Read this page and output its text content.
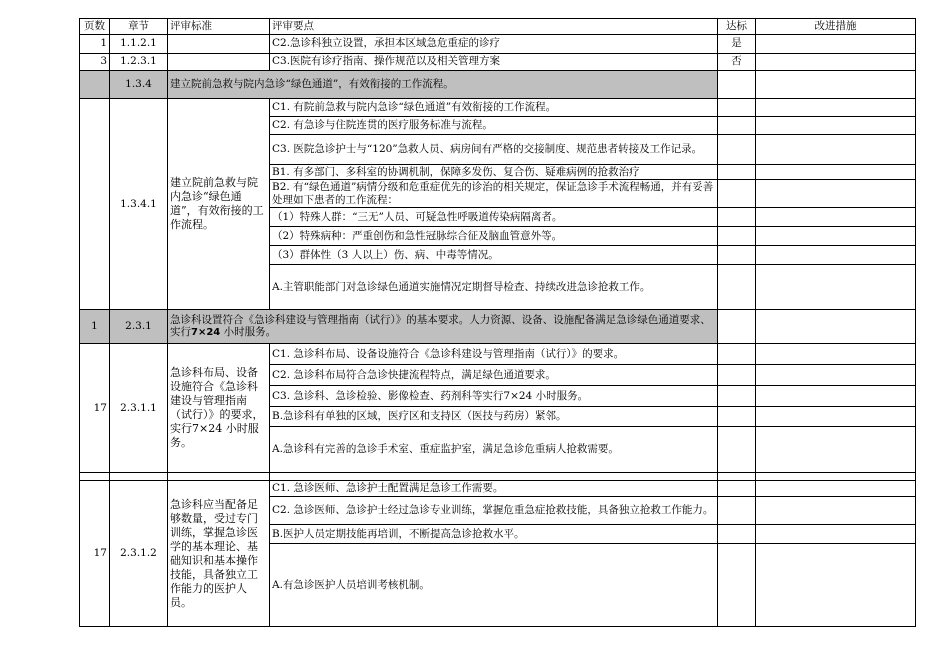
页数	章节	评审标准	评审要点	达标	改进措施
1	1.1.2.1		C2.急诊科独立设置，承担本区域急危重症的诊疗	是	
3	1.2.3.1		C3.医院有诊疗指南、操作规范以及相关管理方案	否	
	1.3.4	建立院前急救与院内急诊“绿色通道”，有效衔接的工作流程。			
	1.3.4.1	建立院前急救与院内急诊“绿色通道”，有效衔接的工作流程。	C1. 有院前急救与院内急诊“绿色通道”有效衔接的工作流程。		
			C2. 有急诊与住院连贯的医疗服务标准与流程。		
			C3. 医院急诊护士与“120”急救人员、病房间有严格的交接制度、规范患者转接及工作记录。		
			B1. 有多部门、多科室的协调机制，保障多发伤、复合伤、疑难病例的抢救治疗		
			B2. 有“绿色通道”病情分级和危重症优先的诊治的相关规定，保证急诊手术流程畅通，并有妥善处理如下患者的工作流程：		
			（1）特殊人群：“三无”人员、可疑急性呼吸道传染病隔离者。		
			（2）特殊病种：严重创伤和急性冠脉综合征及脑血管意外等。		
			（3）群体性（3 人以上）伤、病、中毒等情况。		
			A.主管职能部门对急诊绿色通道实施情况定期督导检查、持续改进急诊抢救工作。		
1	2.3.1	急诊科设置符合《急诊科建设与管理指南（试行）》的基本要求。人力资源、设备、设施配备满足急诊绿色通道要求、实行7×24 小时服务。			
17	2.3.1.1	急诊科布局、设备设施符合《急诊科建设与管理指南（试行）》的要求，实行7×24 小时服务。	C1. 急诊科布局、设备设施符合《急诊科建设与管理指南（试行）》的要求。		
			C2. 急诊科布局符合急诊快捷流程特点，满足绿色通道要求。		
			C3. 急诊科、急诊检验、影像检查、药剂科等实行7×24 小时服务。		
			B.急诊科有单独的区域，医疗区和支持区（医技与药房）紧邻。		
			A.急诊科有完善的急诊手术室、重症监护室，满足急诊危重病人抢救需要。		

17	2.3.1.2	急诊科应当配备足够数量，受过专门训练，掌握急诊医学的基本理论、基础知识和基本操作技能，具备独立工作能力的医护人员。	C1. 急诊医师、急诊护士配置满足急诊工作需要。		
			C2. 急诊医师、急诊护士经过急诊专业训练，掌握危重急症抢救技能，具备独立抢救工作能力。		
			B.医护人员定期技能再培训，不断提高急诊抢救水平。		
			A.有急诊医护人员培训考核机制。		
